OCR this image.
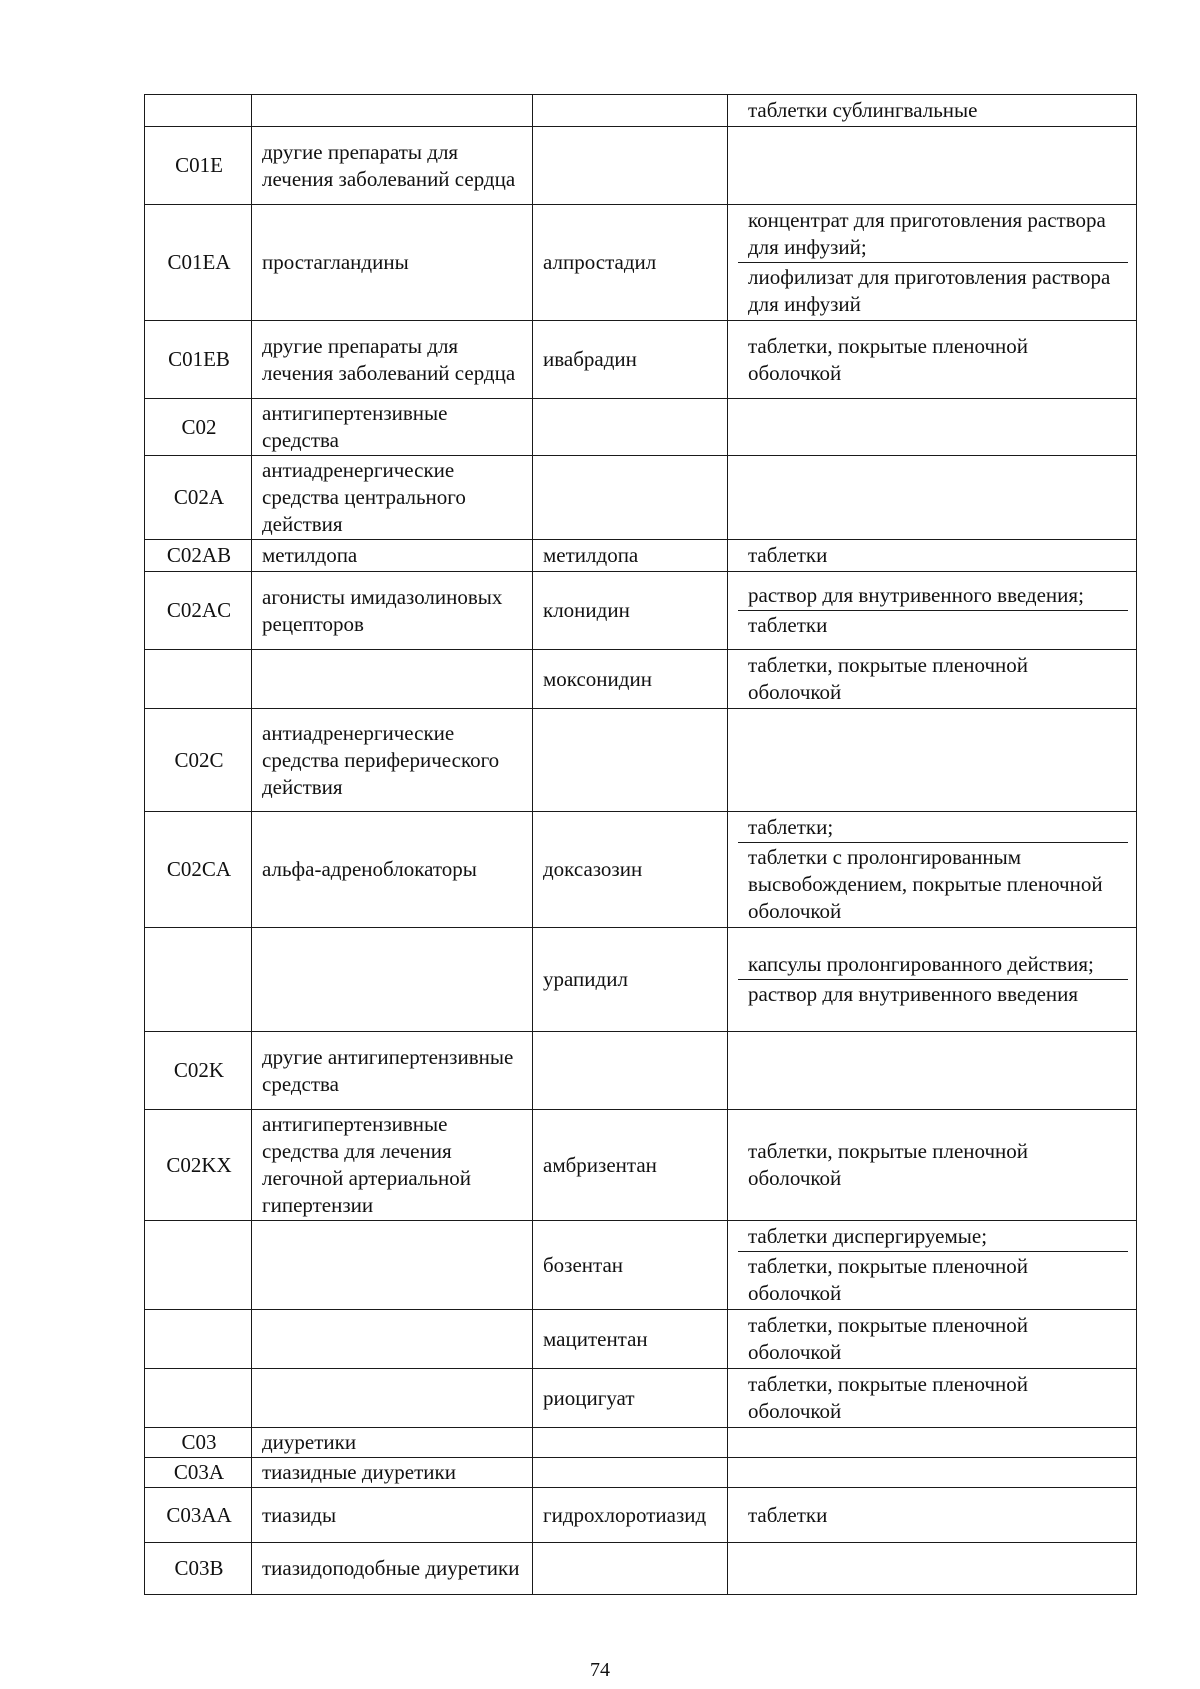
			таблетки сублингвальные

C01E	другие препараты для лечения заболеваний сердца		
C01EA	простагландины	алпростадил	концентрат для приготовления раствора для инфузий;
лиофилизат для приготовления раствора для инфузий

C01EB	другие препараты для лечения заболеваний сердца	ивабрадин	таблетки, покрытые пленочной оболочкой

C02	антигипертензивные средства		
C02A	антиадренергические средства центрального действия		
C02AB	метилдопа	метилдопа	таблетки

C02AC	агонисты имидазолиновых рецепторов	клонидин	раствор для внутривенного введения;
таблетки

		моксонидин	таблетки, покрытые пленочной оболочкой

C02C	антиадренергические средства периферического действия		
C02CA	альфа-адреноблокаторы	доксазозин	таблетки;
таблетки с пролонгированным высвобождением, покрытые пленочной оболочкой

		урапидил	капсулы пролонгированного действия;
раствор для внутривенного введения

C02K	другие антигипертензивные средства		
C02KX	антигипертензивные средства для лечения легочной артериальной гипертензии	амбризентан	таблетки, покрытые пленочной оболочкой

		бозентан	таблетки диспергируемые;
таблетки, покрытые пленочной оболочкой

		мацитентан	таблетки, покрытые пленочной оболочкой

		риоцигуат	таблетки, покрытые пленочной оболочкой

C03	диуретики		
C03A	тиазидные диуретики		
C03AA	тиазиды	гидрохлоротиазид	таблетки

C03B	тиазидоподобные диуретики		
74
